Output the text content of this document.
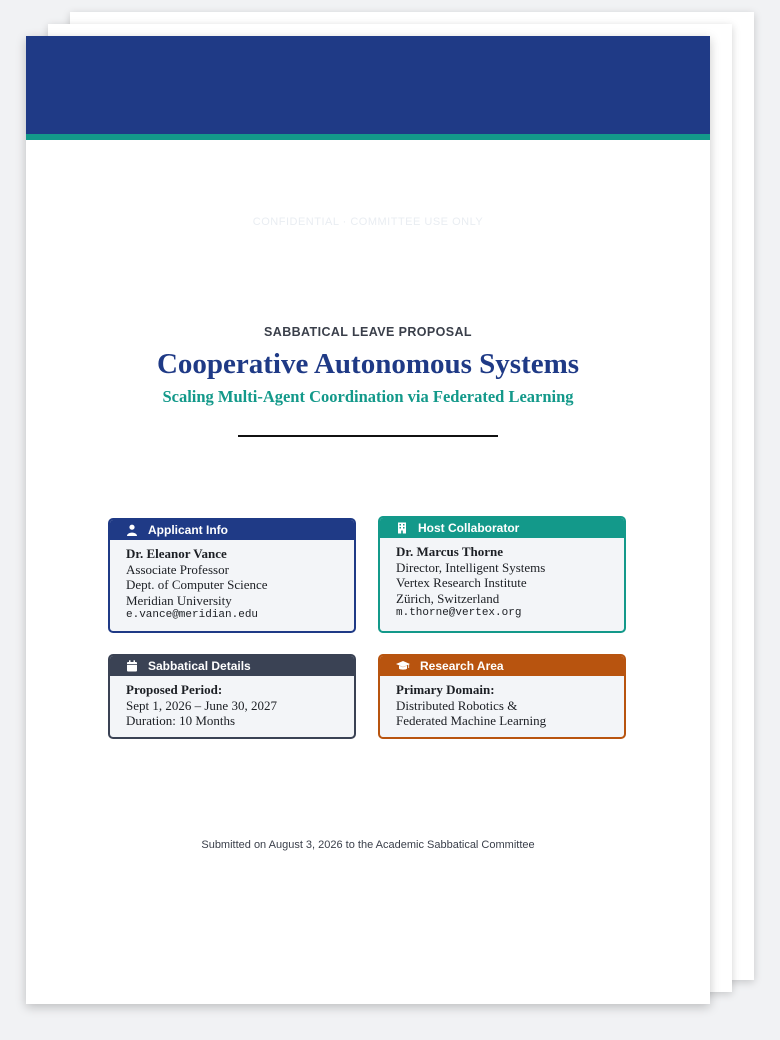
CONFIDENTIAL · COMMITTEE USE ONLY
SABBATICAL LEAVE PROPOSAL
Cooperative Autonomous Systems
Scaling Multi-Agent Coordination via Federated Learning
Applicant Info
Dr. Eleanor Vance
Associate Professor
Dept. of Computer Science
Meridian University
e.vance@meridian.edu
Host Collaborator
Dr. Marcus Thorne
Director, Intelligent Systems
Vertex Research Institute
Zürich, Switzerland
m.thorne@vertex.org
Sabbatical Details
Proposed Period:
Sept 1, 2026 – June 30, 2027
Duration: 10 Months
Research Area
Primary Domain:
Distributed Robotics &
Federated Machine Learning
Submitted on August 3, 2026 to the Academic Sabbatical Committee
